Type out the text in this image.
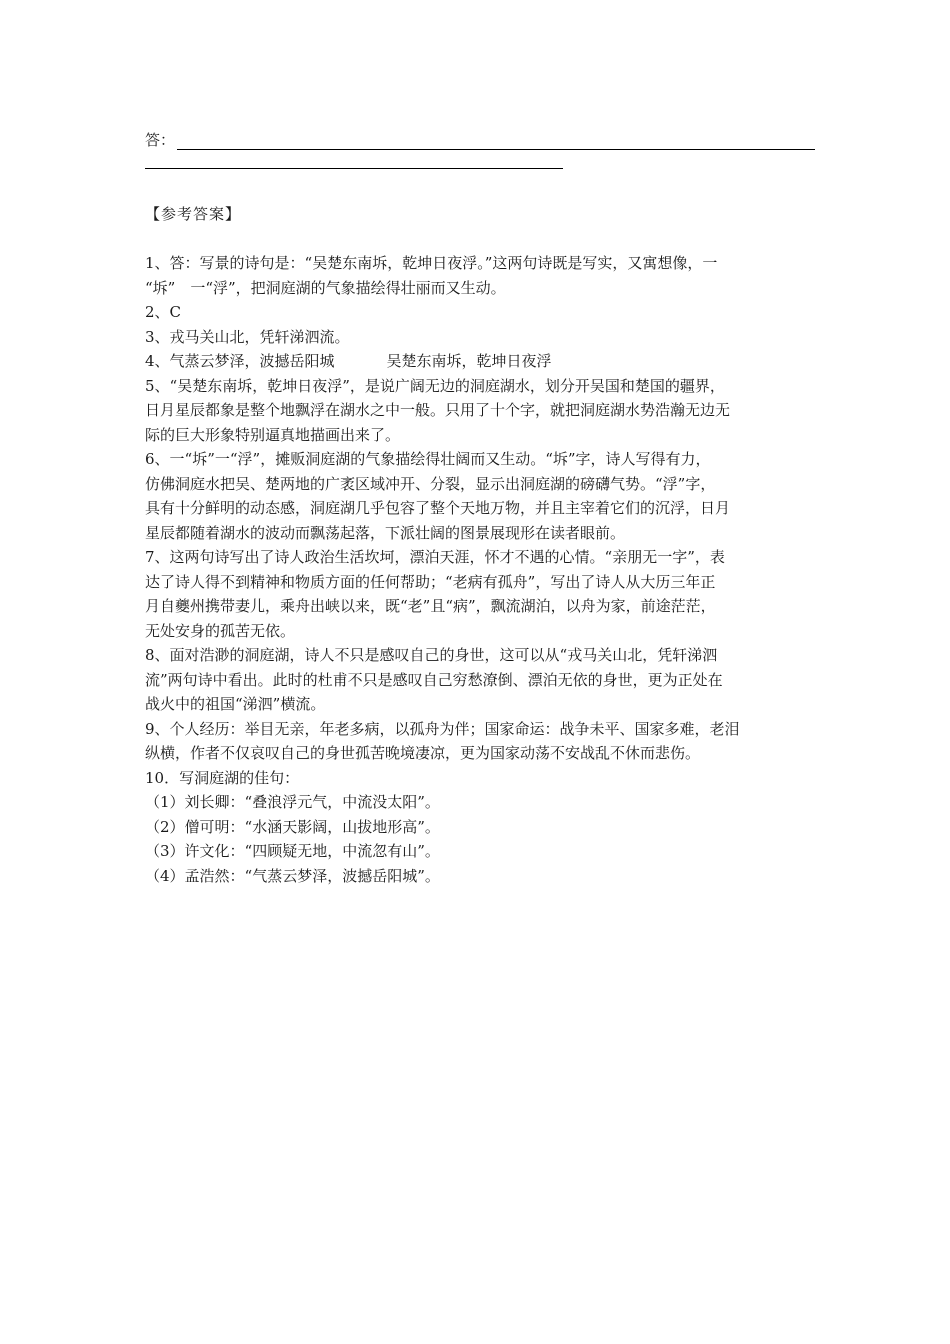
答：
【参考答案】
1、答：写景的诗句是：“吴楚东南坼，乾坤日夜浮。”这两句诗既是写实，又寓想像，一
“坼”　一“浮”，把洞庭湖的气象描绘得壮丽而又生动。
2、C
3、戎马关山北，凭轩涕泗流。
4、气蒸云梦泽，波撼岳阳城	吴楚东南坼，乾坤日夜浮
5、“吴楚东南坼，乾坤日夜浮”，是说广阔无边的洞庭湖水，划分开吴国和楚国的疆界，
日月星辰都象是整个地飘浮在湖水之中一般。只用了十个字，就把洞庭湖水势浩瀚无边无
际的巨大形象特别逼真地描画出来了。
6、一“坼”一“浮”，摊贩洞庭湖的气象描绘得壮阔而又生动。“坼”字，诗人写得有力，
仿佛洞庭水把吴、楚两地的广袤区域冲开、分裂，显示出洞庭湖的磅礴气势。“浮”字，
具有十分鲜明的动态感，洞庭湖几乎包容了整个天地万物，并且主宰着它们的沉浮，日月
星辰都随着湖水的波动而飘荡起落，下派壮阔的图景展现形在读者眼前。
7、这两句诗写出了诗人政治生活坎坷，漂泊天涯，怀才不遇的心情。“亲朋无一字”，表
达了诗人得不到精神和物质方面的任何帮助；“老病有孤舟”，写出了诗人从大历三年正
月自夔州携带妻儿，乘舟出峡以来，既“老”且“病”，飘流湖泊，以舟为家，前途茫茫，
无处安身的孤苦无依。
8、面对浩渺的洞庭湖，诗人不只是感叹自己的身世，这可以从“戎马关山北，凭轩涕泗
流”两句诗中看出。此时的杜甫不只是感叹自己穷愁潦倒、漂泊无依的身世，更为正处在
战火中的祖国“涕泗”横流。
9、个人经历：举目无亲，年老多病，以孤舟为伴；国家命运：战争未平、国家多难，老泪
纵横，作者不仅哀叹自己的身世孤苦晚境凄凉，更为国家动荡不安战乱不休而悲伤。
10．写洞庭湖的佳句：
（1）刘长卿：“叠浪浮元气，中流没太阳”。
（2）僧可明：“水涵天影阔，山拔地形高”。
（3）许文化：“四顾疑无地，中流忽有山”。
（4）孟浩然：“气蒸云梦泽，波撼岳阳城”。
